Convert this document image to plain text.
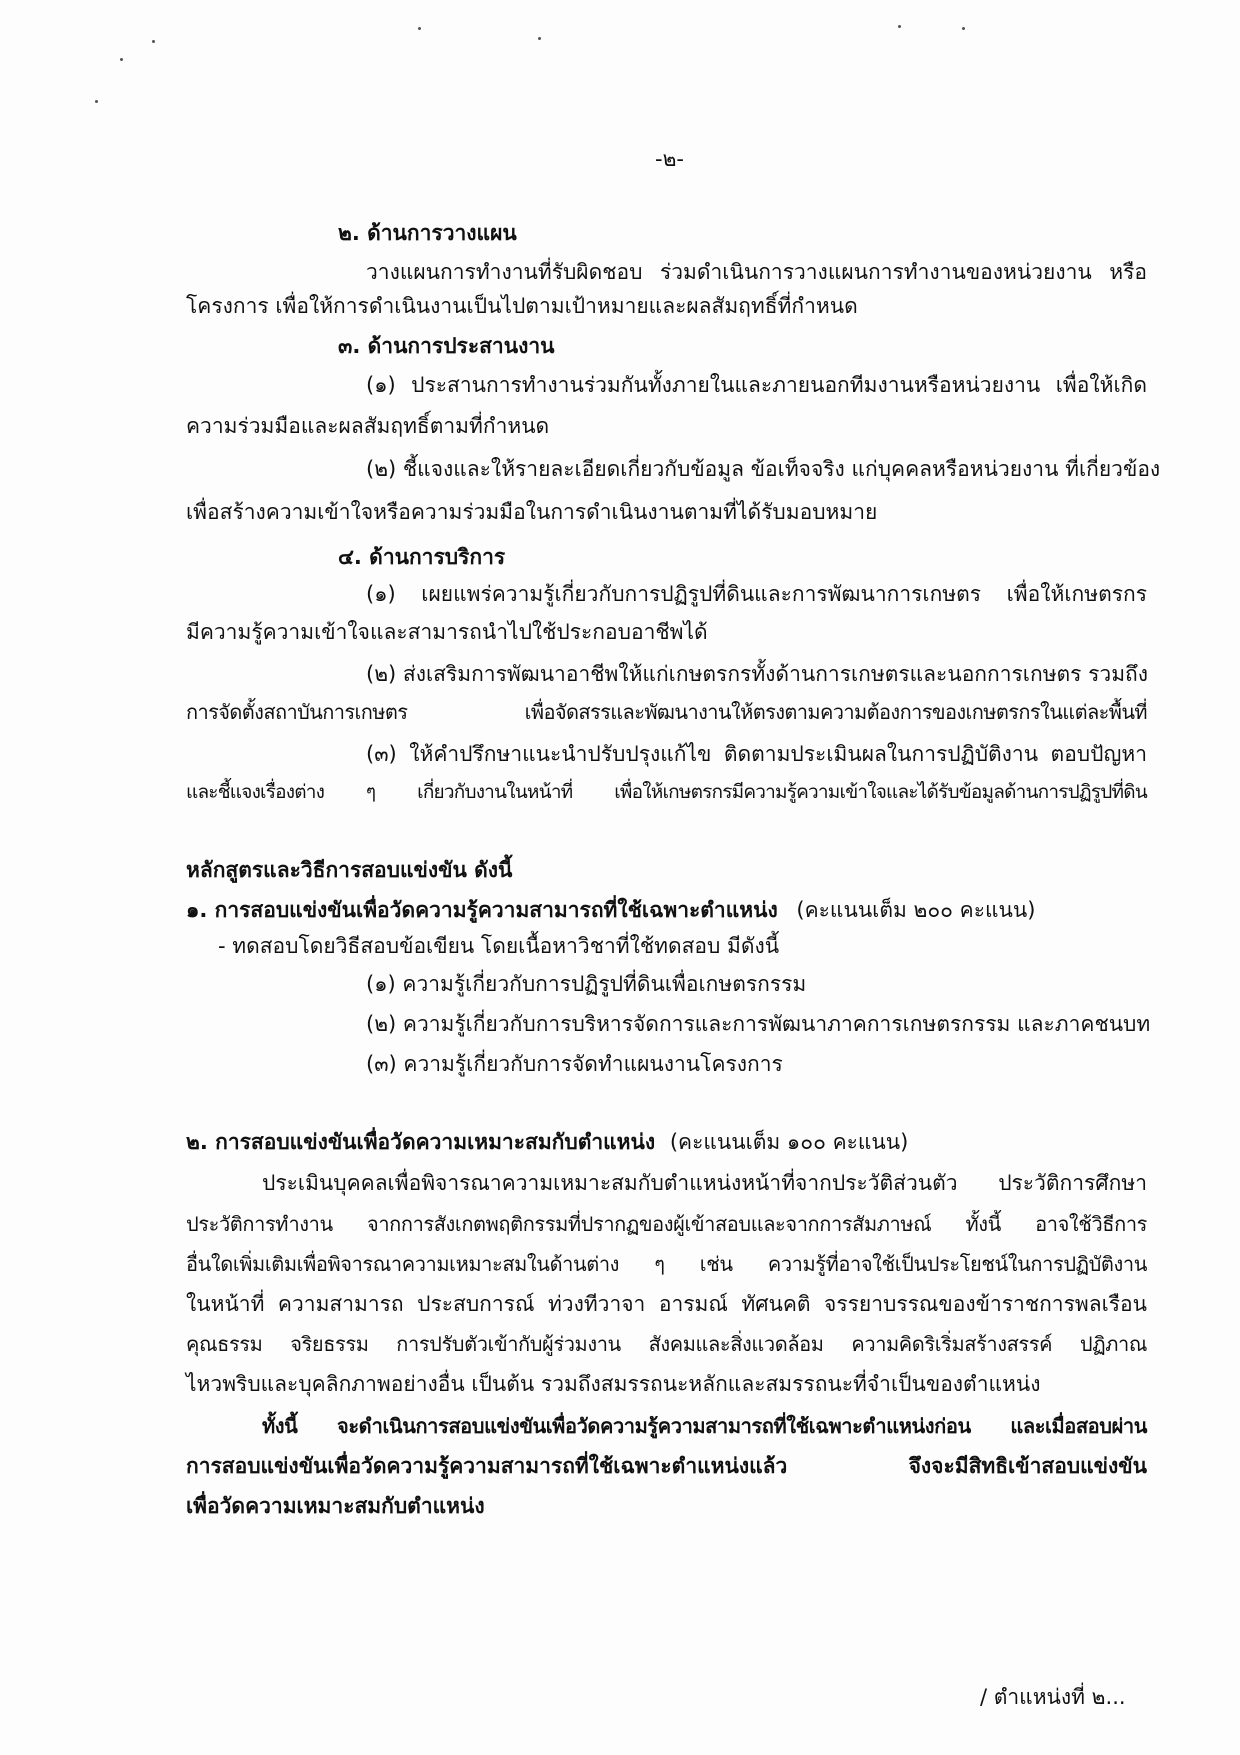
-๒-
๒. ด้านการวางแผน
วางแผนการทำงานที่รับผิดชอบ ร่วมดำเนินการวางแผนการทำงานของหน่วยงาน หรือ
โครงการ เพื่อให้การดำเนินงานเป็นไปตามเป้าหมายและผลสัมฤทธิ์ที่กำหนด
๓. ด้านการประสานงาน
(๑) ประสานการทำงานร่วมกันทั้งภายในและภายนอกทีมงานหรือหน่วยงาน เพื่อให้เกิด
ความร่วมมือและผลสัมฤทธิ์ตามที่กำหนด
(๒) ชี้แจงและให้รายละเอียดเกี่ยวกับข้อมูล ข้อเท็จจริง แก่บุคคลหรือหน่วยงาน ที่เกี่ยวข้อง
เพื่อสร้างความเข้าใจหรือความร่วมมือในการดำเนินงานตามที่ได้รับมอบหมาย
๔. ด้านการบริการ
(๑) เผยแพร่ความรู้เกี่ยวกับการปฏิรูปที่ดินและการพัฒนาการเกษตร เพื่อให้เกษตรกร
มีความรู้ความเข้าใจและสามารถนำไปใช้ประกอบอาชีพได้
(๒) ส่งเสริมการพัฒนาอาชีพให้แก่เกษตรกรทั้งด้านการเกษตรและนอกการเกษตร รวมถึง
การจัดตั้งสถาบันการเกษตร เพื่อจัดสรรและพัฒนางานให้ตรงตามความต้องการของเกษตรกรในแต่ละพื้นที่
(๓) ให้คำปรึกษาแนะนำปรับปรุงแก้ไข ติดตามประเมินผลในการปฏิบัติงาน ตอบปัญหา
และชี้แจงเรื่องต่าง ๆ เกี่ยวกับงานในหน้าที่ เพื่อให้เกษตรกรมีความรู้ความเข้าใจและได้รับข้อมูลด้านการปฏิรูปที่ดิน
หลักสูตรและวิธีการสอบแข่งขัน ดังนี้
๑. การสอบแข่งขันเพื่อวัดความรู้ความสามารถที่ใช้เฉพาะตำแหน่ง (คะแนนเต็ม ๒๐๐ คะแนน)
- ทดสอบโดยวิธีสอบข้อเขียน โดยเนื้อหาวิชาที่ใช้ทดสอบ มีดังนี้
(๑) ความรู้เกี่ยวกับการปฏิรูปที่ดินเพื่อเกษตรกรรม
(๒) ความรู้เกี่ยวกับการบริหารจัดการและการพัฒนาภาคการเกษตรกรรม และภาคชนบท
(๓) ความรู้เกี่ยวกับการจัดทำแผนงานโครงการ
๒. การสอบแข่งขันเพื่อวัดความเหมาะสมกับตำแหน่ง (คะแนนเต็ม ๑๐๐ คะแนน)
ประเมินบุคคลเพื่อพิจารณาความเหมาะสมกับตำแหน่งหน้าที่จากประวัติส่วนตัว ประวัติการศึกษา
ประวัติการทำงาน จากการสังเกตพฤติกรรมที่ปรากฏของผู้เข้าสอบและจากการสัมภาษณ์ ทั้งนี้ อาจใช้วิธีการ
อื่นใดเพิ่มเติมเพื่อพิจารณาความเหมาะสมในด้านต่าง ๆ เช่น ความรู้ที่อาจใช้เป็นประโยชน์ในการปฏิบัติงาน
ในหน้าที่ ความสามารถ ประสบการณ์ ท่วงทีวาจา อารมณ์ ทัศนคติ จรรยาบรรณของข้าราชการพลเรือน
คุณธรรม จริยธรรม การปรับตัวเข้ากับผู้ร่วมงาน สังคมและสิ่งแวดล้อม ความคิดริเริ่มสร้างสรรค์ ปฏิภาณ
ไหวพริบและบุคลิกภาพอย่างอื่น เป็นต้น รวมถึงสมรรถนะหลักและสมรรถนะที่จำเป็นของตำแหน่ง
ทั้งนี้ จะดำเนินการสอบแข่งขันเพื่อวัดความรู้ความสามารถที่ใช้เฉพาะตำแหน่งก่อน และเมื่อสอบผ่าน
การสอบแข่งขันเพื่อวัดความรู้ความสามารถที่ใช้เฉพาะตำแหน่งแล้ว จึงจะมีสิทธิเข้าสอบแข่งขัน
เพื่อวัดความเหมาะสมกับตำแหน่ง
/ ตำแหน่งที่ ๒...
